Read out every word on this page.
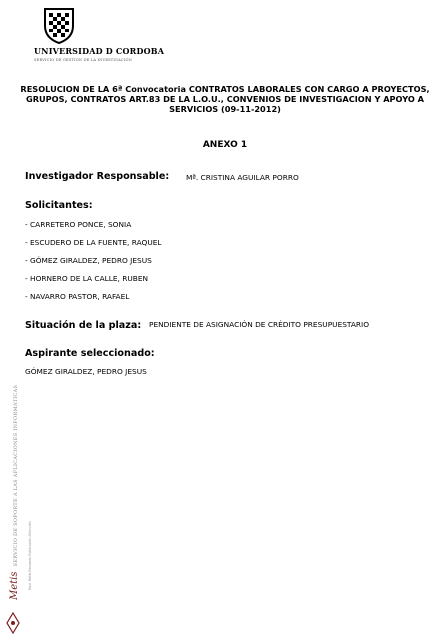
UNIVERSIDAD D CORDOBA
SERVICIO DE GESTIÓN DE LA INVESTIGACIÓN
RESOLUCION DE LA 6ª Convocatoria CONTRATOS LABORALES CON CARGO A PROYECTOS, GRUPOS, CONTRATOS ART.83 DE LA L.O.U., CONVENIOS DE INVESTIGACION Y APOYO A SERVICIOS (09-11-2012)
ANEXO 1
Investigador Responsable: Mª. CRISTINA AGUILAR PORRO
Solicitantes:
- CARRETERO PONCE, SONIA
- ESCUDERO DE LA FUENTE, RAQUEL
- GÓMEZ GIRALDEZ, PEDRO JESUS
- HORNERO DE LA CALLE, RUBEN
- NAVARRO PASTOR, RAFAEL
Situación de la plaza: PENDIENTE DE ASIGNACIÓN DE CRÉDITO PRESUPUESTARIO
Aspirante seleccionado:
GÓMEZ GIRALDEZ, PEDRO JESUS
Metis SERVICIO DE SOPORTE A LAS APLICACIONES INFORMATICAS	Mod. Metis-Resumen-Publicación-Selección
